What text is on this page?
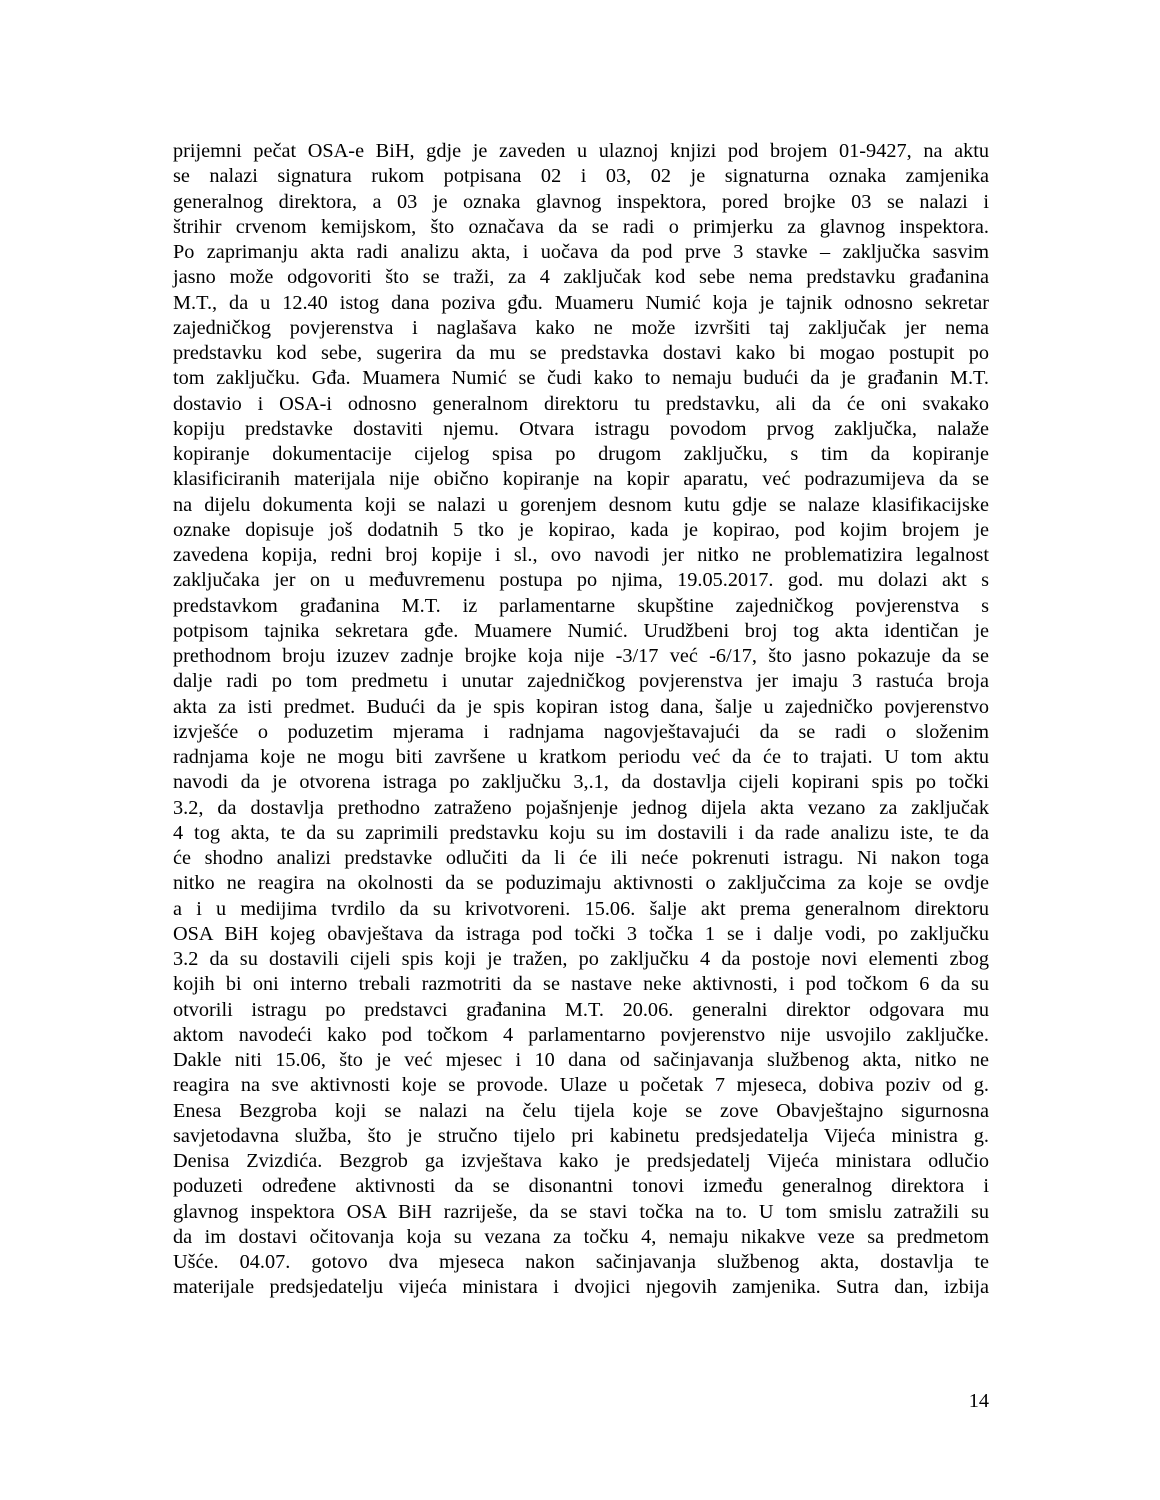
prijemni pečat OSA-e BiH, gdje je zaveden u ulaznoj knjizi pod brojem 01-9427, na aktu
se nalazi signatura rukom potpisana 02 i 03, 02 je signaturna oznaka zamjenika
generalnog direktora, a 03 je oznaka glavnog inspektora, pored brojke 03 se nalazi i
štrihir crvenom kemijskom, što označava da se radi o primjerku za glavnog inspektora.
Po zaprimanju akta radi analizu akta, i uočava da pod prve 3 stavke – zaključka sasvim
jasno može odgovoriti što se traži, za 4 zaključak kod sebe nema predstavku građanina
M.T., da u 12.40 istog dana poziva gđu. Muameru Numić koja je tajnik odnosno sekretar
zajedničkog povjerenstva i naglašava kako ne može izvršiti taj zaključak jer nema
predstavku kod sebe, sugerira da mu se predstavka dostavi kako bi mogao postupit po
tom zaključku. Gđa. Muamera Numić se čudi kako to nemaju budući da je građanin M.T.
dostavio i OSA-i odnosno generalnom direktoru tu predstavku, ali da će oni svakako
kopiju predstavke dostaviti njemu. Otvara istragu povodom prvog zaključka, nalaže
kopiranje dokumentacije cijelog spisa po drugom zaključku, s tim da kopiranje
klasificiranih materijala nije obično kopiranje na kopir aparatu, već podrazumijeva da se
na dijelu dokumenta koji se nalazi u gorenjem desnom kutu gdje se nalaze klasifikacijske
oznake dopisuje još dodatnih 5 tko je kopirao, kada je kopirao, pod kojim brojem je
zavedena kopija, redni broj kopije i sl., ovo navodi jer nitko ne problematizira legalnost
zaključaka jer on u međuvremenu postupa po njima, 19.05.2017. god. mu dolazi akt s
predstavkom građanina M.T. iz parlamentarne skupštine zajedničkog povjerenstva s
potpisom tajnika sekretara gđe. Muamere Numić. Urudžbeni broj tog akta identičan je
prethodnom broju izuzev zadnje brojke koja nije -3/17 već -6/17, što jasno pokazuje da se
dalje radi po tom predmetu i unutar zajedničkog povjerenstva jer imaju 3 rastuća broja
akta za isti predmet. Budući da je spis kopiran istog dana, šalje u zajedničko povjerenstvo
izvješće o poduzetim mjerama i radnjama nagovještavajući da se radi o složenim
radnjama koje ne mogu biti završene u kratkom periodu već da će to trajati. U tom aktu
navodi da je otvorena istraga po zaključku 3,.1, da dostavlja cijeli kopirani spis po točki
3.2, da dostavlja prethodno zatraženo pojašnjenje jednog dijela akta vezano za zaključak
4 tog akta, te da su zaprimili predstavku koju su im dostavili i da rade analizu iste, te da
će shodno analizi predstavke odlučiti da li će ili neće pokrenuti istragu. Ni nakon toga
nitko ne reagira na okolnosti da se poduzimaju aktivnosti o zaključcima za koje se ovdje
a i u medijima tvrdilo da su krivotvoreni. 15.06. šalje akt prema generalnom direktoru
OSA BiH kojeg obavještava da istraga pod točki 3 točka 1 se i dalje vodi, po zaključku
3.2 da su dostavili cijeli spis koji je tražen, po zaključku 4 da postoje novi elementi zbog
kojih bi oni interno trebali razmotriti da se nastave neke aktivnosti, i pod točkom 6 da su
otvorili istragu po predstavci građanina M.T. 20.06. generalni direktor odgovara mu
aktom navodeći kako pod točkom 4 parlamentarno povjerenstvo nije usvojilo zaključke.
Dakle niti 15.06, što je već mjesec i 10 dana od sačinjavanja službenog akta, nitko ne
reagira na sve aktivnosti koje se provode. Ulaze u početak 7 mjeseca, dobiva poziv od g.
Enesa Bezgroba koji se nalazi na čelu tijela koje se zove Obavještajno sigurnosna
savjetodavna služba, što je stručno tijelo pri kabinetu predsjedatelja Vijeća ministra g.
Denisa Zvizdića. Bezgrob ga izvještava kako je predsjedatelj Vijeća ministara odlučio
poduzeti određene aktivnosti da se disonantni tonovi između generalnog direktora i
glavnog inspektora OSA BiH razriješe, da se stavi točka na to. U tom smislu zatražili su
da im dostavi očitovanja koja su vezana za točku 4, nemaju nikakve veze sa predmetom
Ušće. 04.07. gotovo dva mjeseca nakon sačinjavanja službenog akta, dostavlja te
materijale predsjedatelju vijeća ministara i dvojici njegovih zamjenika. Sutra dan, izbija
14
